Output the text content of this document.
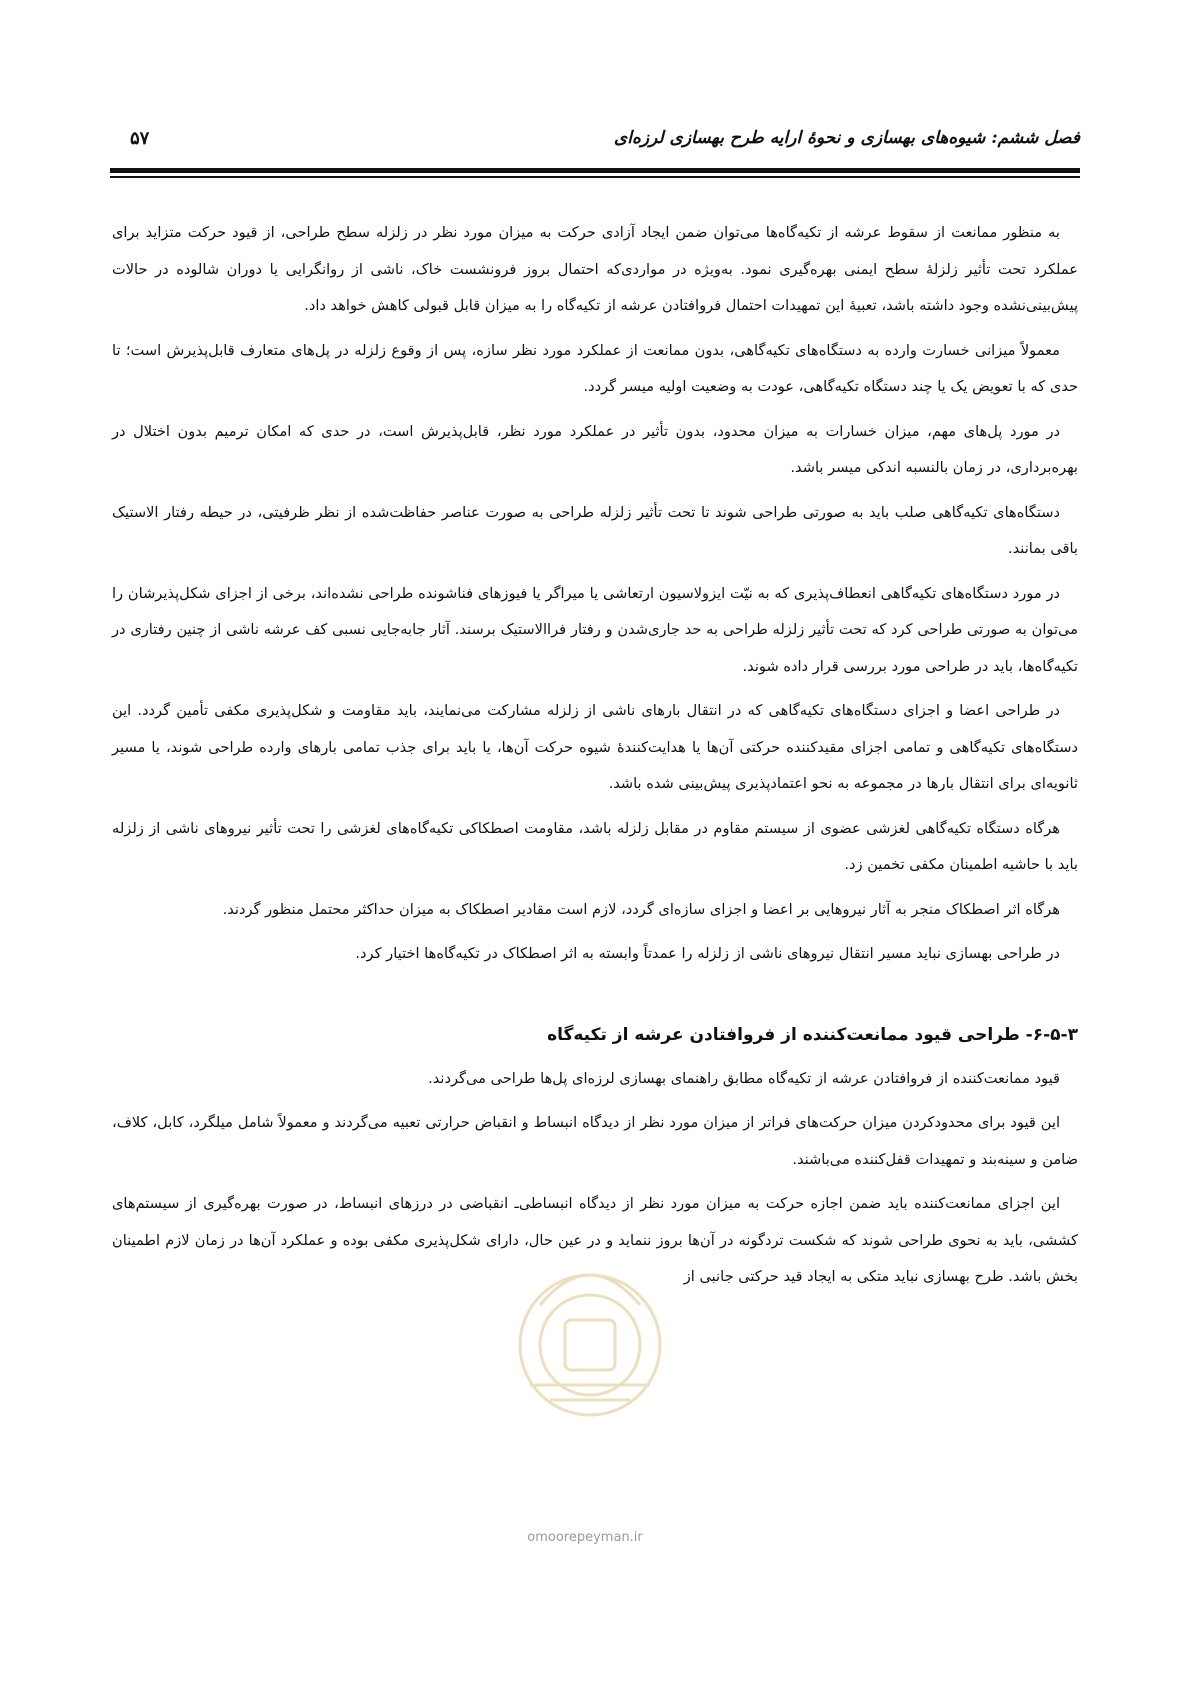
فصل ششم: شیوه‌های بهسازی و نحوۀ ارایه طرح بهسازی لرزه‌ای
۵۷

به منظور ممانعت از سقوط عرشه از تکیه‌گاه‌ها می‌توان ضمن ایجاد آزادی حرکت به میزان مورد نظر در زلزله سطح طراحی، از قیود حرکت متزاید برای عملکرد تحت تأثیر زلزلۀ سطح ایمنی بهره‌گیری نمود. به‌ویژه در مواردی‌که احتمال بروز فرونشست خاک، ناشی از روانگرایی یا دوران شالوده در حالات پیش‌بینی‌نشده وجود داشته باشد، تعبیۀ این تمهیدات احتمال فروافتادن عرشه از تکیه‌گاه را به میزان قابل قبولی کاهش خواهد داد.

معمولاً میزانی خسارت وارده به دستگاه‌های تکیه‌گاهی، بدون ممانعت از عملکرد مورد نظر سازه، پس از وقوع زلزله در پل‌های متعارف قابل‌پذیرش است؛ تا حدی که با تعویض یک یا چند دستگاه تکیه‌گاهی، عودت به وضعیت اولیه میسر گردد.

در مورد پل‌های مهم، میزان خسارات به میزان محدود، بدون تأثیر در عملکرد مورد نظر، قابل‌پذیرش است، در حدی که امکان ترمیم بدون اختلال در بهره‌برداری، در زمان بالنسبه اندکی میسر باشد.

دستگاه‌های تکیه‌گاهی صلب باید به صورتی طراحی شوند تا تحت تأثیر زلزله طراحی به صورت عناصر حفاظت‌شده از نظر ظرفیتی، در حیطه رفتار الاستیک باقی بمانند.

در مورد دستگاه‌های تکیه‌گاهی انعطاف‌پذیری که به نیّت ایزولاسیون ارتعاشی یا میراگر یا فیوزهای فناشونده طراحی نشده‌اند، برخی از اجزای شکل‌پذیرشان را می‌توان به صورتی طراحی کرد که تحت تأثیر زلزله طراحی به حد جاری‌شدن و رفتار فراالاستیک برسند. آثار جابه‌جایی نسبی کف عرشه ناشی از چنین رفتاری در تکیه‌گاه‌ها، باید در طراحی مورد بررسی قرار داده شوند.

در طراحی اعضا و اجزای دستگاه‌های تکیه‌گاهی که در انتقال بارهای ناشی از زلزله مشارکت می‌نمایند، باید مقاومت و شکل‌پذیری مکفی تأمین گردد. این دستگاه‌های تکیه‌گاهی و تمامی اجزای مقیدکننده حرکتی آن‌ها یا هدایت‌کنندۀ شیوه حرکت آن‌ها، یا باید برای جذب تمامی بارهای وارده طراحی شوند، یا مسیر ثانویه‌ای برای انتقال بارها در مجموعه به نحو اعتمادپذیری پیش‌بینی شده باشد.

هرگاه دستگاه تکیه‌گاهی لغزشی عضوی از سیستم مقاوم در مقابل زلزله باشد، مقاومت اصطکاکی تکیه‌گاه‌های لغزشی را تحت تأثیر نیروهای ناشی از زلزله باید با حاشیه اطمینان مکفی تخمین زد.

هرگاه اثر اصطکاک منجر به آثار نیروهایی بر اعضا و اجزای سازه‌ای گردد، لازم است مقادیر اصطکاک به میزان حداکثر محتمل منظور گردند.

در طراحی بهسازی نباید مسیر انتقال نیروهای ناشی از زلزله را عمدتاً وابسته به اثر اصطکاک در تکیه‌گاه‌ها اختیار کرد.

۶-۵-۳- طراحی قیود ممانعت‌کننده از فروافتادن عرشه از تکیه‌گاه

قیود ممانعت‌کننده از فروافتادن عرشه از تکیه‌گاه مطابق راهنمای بهسازی لرزه‌ای پل‌ها طراحی می‌گردند.

این قیود برای محدودکردن میزان حرکت‌های فراتر از میزان مورد نظر از دیدگاه انبساط و انقباض حرارتی تعبیه می‌گردند و معمولاً شامل میلگرد، کابل، کلاف، ضامن و سینه‌بند و تمهیدات قفل‌کننده می‌باشند.

این اجزای ممانعت‌کننده باید ضمن اجازه حرکت به میزان مورد نظر از دیدگاه انبساطی‌ـ انقباضی در درزهای انبساط، در صورت بهره‌گیری از سیستم‌های کششی، باید به نحوی طراحی شوند که شکست ترد‌گونه در آن‌ها بروز ننماید و در عین حال، دارای شکل‌پذیری مکفی بوده و عملکرد آن‌ها در زمان لازم اطمینان بخش باشد. طرح بهسازی نباید متکی به ایجاد قید حرکتی جانبی از

omoorepeyman.ir
